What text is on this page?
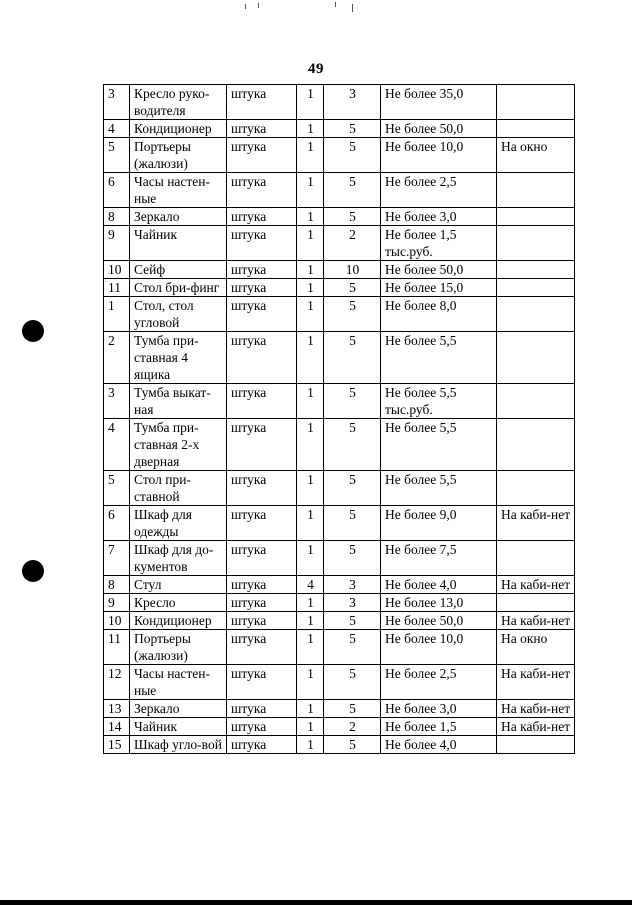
49
3	Кресло руко-водителя	штука	1	3	Не более 35,0	
4	Кондиционер	штука	1	5	Не более 50,0	
5	Портьеры (жалюзи)	штука	1	5	Не более 10,0	На окно
6	Часы настен-ные	штука	1	5	Не более 2,5	
8	Зеркало	штука	1	5	Не более 3,0	
9	Чайник	штука	1	2	Не более 1,5 тыс.руб.	
10	Сейф	штука	1	10	Не более 50,0	
11	Стол бри-финг	штука	1	5	Не более 15,0	
1	Стол, стол угловой	штука	1	5	Не более 8,0	
2	Тумба при-ставная 4 ящика	штука	1	5	Не более 5,5	
3	Тумба выкат-ная	штука	1	5	Не более 5,5 тыс.руб.	
4	Тумба при-ставная 2-х дверная	штука	1	5	Не более 5,5	
5	Стол при-ставной	штука	1	5	Не более 5,5	
6	Шкаф для одежды	штука	1	5	Не более 9,0	На каби-нет
7	Шкаф для до-кументов	штука	1	5	Не более 7,5	
8	Стул	штука	4	3	Не более 4,0	На каби-нет
9	Кресло	штука	1	3	Не более 13,0	
10	Кондиционер	штука	1	5	Не более 50,0	На каби-нет
11	Портьеры (жалюзи)	штука	1	5	Не более 10,0	На окно
12	Часы настен-ные	штука	1	5	Не более 2,5	На каби-нет
13	Зеркало	штука	1	5	Не более 3,0	На каби-нет
14	Чайник	штука	1	2	Не более 1,5	На каби-нет
15	Шкаф угло-вой	штука	1	5	Не более 4,0	
